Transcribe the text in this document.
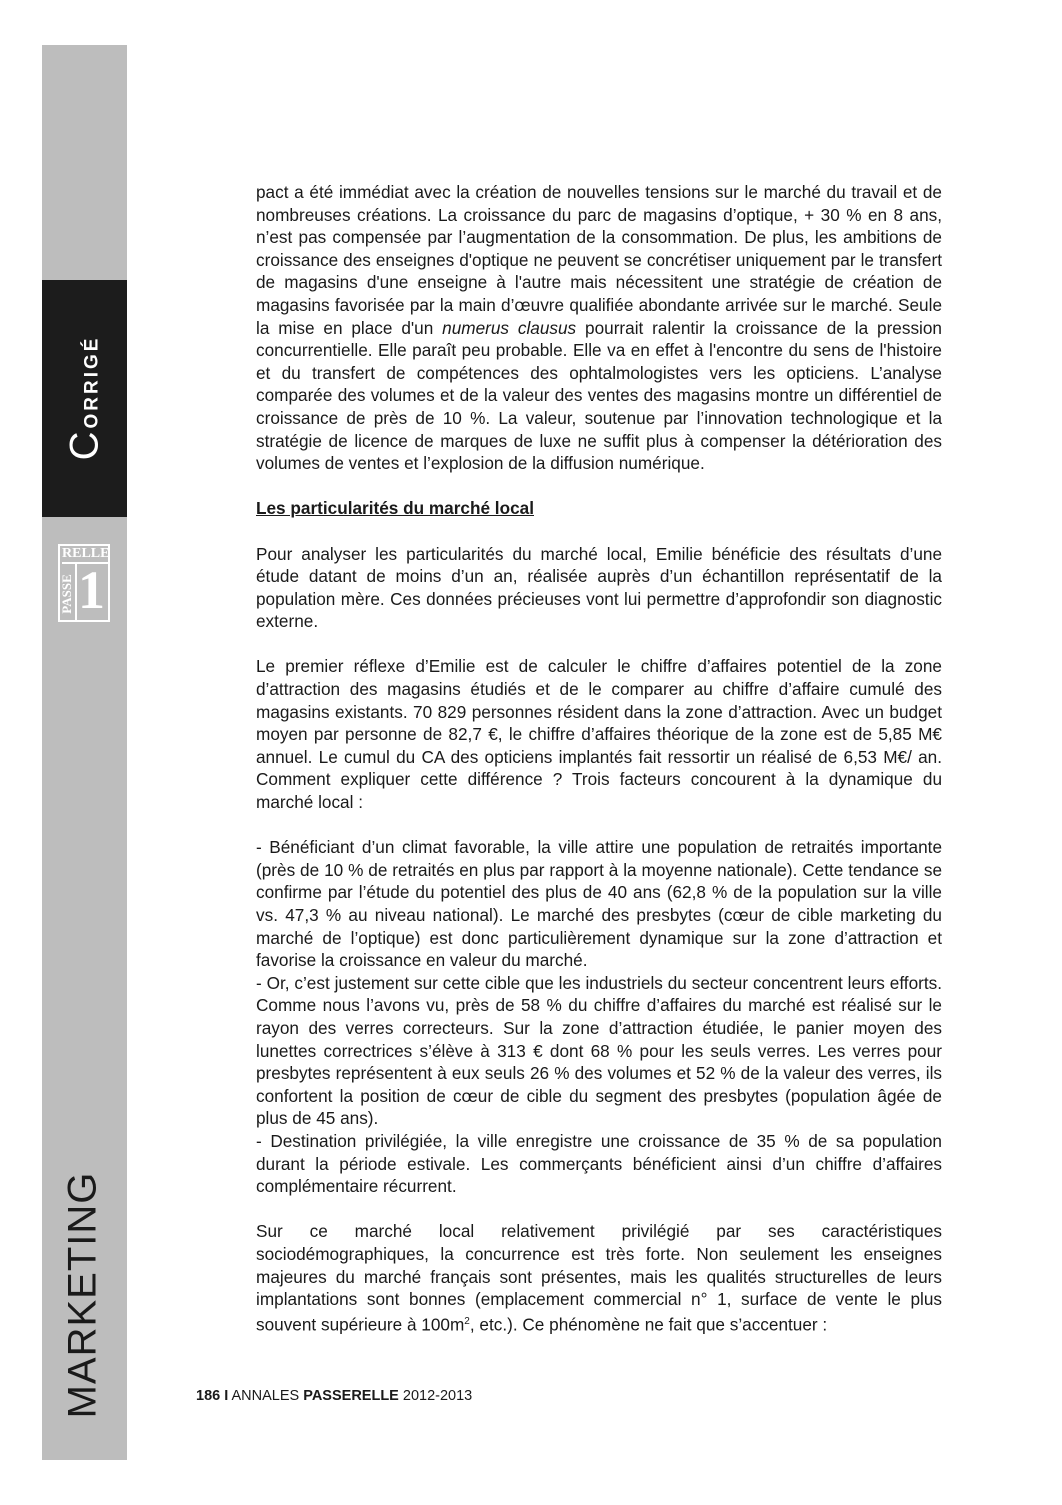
Corrigé
RELLE
PASSE 1
MARKETING

pact a été immédiat avec la création de nouvelles tensions sur le marché du travail et de nombreuses créations. La croissance du parc de magasins d’optique, + 30 % en 8 ans, n’est pas compensée par l’augmentation de la consommation. De plus, les ambitions de croissance des enseignes d'optique ne peuvent se concrétiser uniquement par le transfert de magasins d'une enseigne à l'autre mais nécessitent une stratégie de création de magasins favorisée par la main d’œuvre qualifiée abondante arrivée sur le marché. Seule la mise en place d'un numerus clausus pourrait ralentir la croissance de la pression concurrentielle. Elle paraît peu probable. Elle va en effet à l'encontre du sens de l'histoire et du transfert de compétences des ophtalmologistes vers les opticiens. L’analyse comparée des volumes et de la valeur des ventes des magasins montre un différentiel de croissance de près de 10 %. La valeur, soutenue par l’innovation technologique et la stratégie de licence de marques de luxe ne suffit plus à compenser la détérioration des volumes de ventes et l’explosion de la diffusion numérique.

Les particularités du marché local

Pour analyser les particularités du marché local, Emilie bénéficie des résultats d’une étude datant de moins d’un an, réalisée auprès d’un échantillon représentatif de la population mère. Ces données précieuses vont lui permettre d’approfondir son diagnostic externe.

Le premier réflexe d’Emilie est de calculer le chiffre d’affaires potentiel de la zone d’attraction des magasins étudiés et de le comparer au chiffre d’affaire cumulé des magasins existants. 70 829 personnes résident dans la zone d’attraction. Avec un budget moyen par personne de 82,7 €, le chiffre d’affaires théorique de la zone est de 5,85 M€ annuel. Le cumul du CA des opticiens implantés fait ressortir un réalisé de 6,53 M€/ an. Comment expliquer cette différence ? Trois facteurs concourent à la dynamique du marché local :

- Bénéficiant d’un climat favorable, la ville attire une population de retraités importante (près de 10 % de retraités en plus par rapport à la moyenne nationale). Cette tendance se confirme par l’étude du potentiel des plus de 40 ans (62,8 % de la population sur la ville vs. 47,3 % au niveau national). Le marché des presbytes (cœur de cible marketing du marché de l’optique) est donc particulièrement dynamique sur la zone d’attraction et favorise la croissance en valeur du marché.

- Or, c’est justement sur cette cible que les industriels du secteur concentrent leurs efforts. Comme nous l’avons vu, près de 58 % du chiffre d’affaires du marché est réalisé sur le rayon des verres correcteurs. Sur la zone d’attraction étudiée, le panier moyen des lunettes correctrices s’élève à 313 € dont 68 % pour les seuls verres. Les verres pour presbytes représentent à eux seuls 26 % des volumes et 52 % de la valeur des verres, ils confortent la position de cœur de cible du segment des presbytes (population âgée de plus de 45 ans).

- Destination privilégiée, la ville enregistre une croissance de 35 % de sa population durant la période estivale. Les commerçants bénéficient ainsi d’un chiffre d’affaires complémentaire récurrent.

Sur ce marché local relativement privilégié par ses caractéristiques sociodémographiques, la concurrence est très forte. Non seulement les enseignes majeures du marché français sont présentes, mais les qualités structurelles de leurs implantations sont bonnes (emplacement commercial n° 1, surface de vente le plus souvent supérieure à $100m^2$, etc.). Ce phénomène ne fait que s’accentuer :

186 I ANNALES PASSERELLE 2012-2013
